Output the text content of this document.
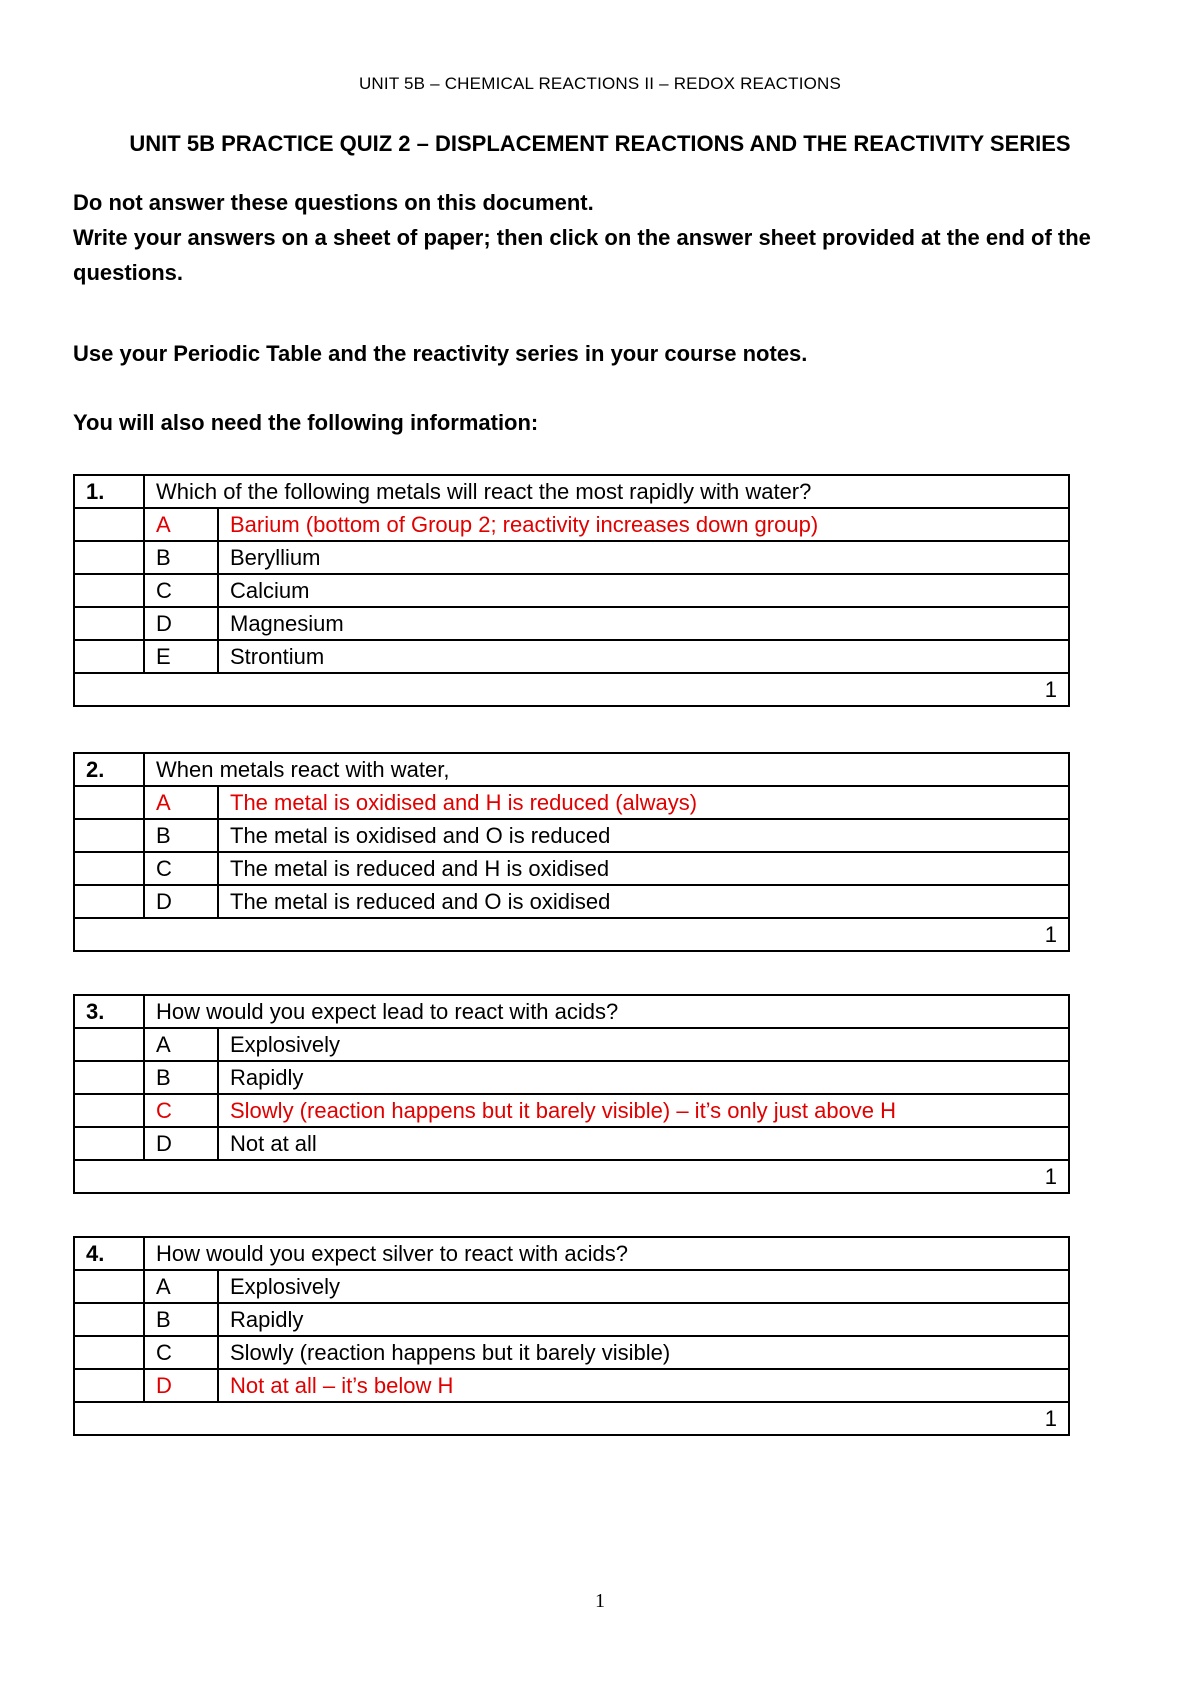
UNIT 5B – CHEMICAL REACTIONS II – REDOX REACTIONS
UNIT 5B PRACTICE QUIZ 2 – DISPLACEMENT REACTIONS AND THE REACTIVITY SERIES

Do not answer these questions on this document.

Write your answers on a sheet of paper; then click on the answer sheet provided at the end of the questions.

Use your Periodic Table and the reactivity series in your course notes.
You will also need the following information:
1.	Which of the following metals will react the most rapidly with water?	
	A	Barium (bottom of Group 2; reactivity increases down group)
	B	Beryllium
	C	Calcium
	D	Magnesium
	E	Strontium
1		
2.	When metals react with water,	
	A	The metal is oxidised and H is reduced (always)
	B	The metal is oxidised and O is reduced
	C	The metal is reduced and H is oxidised
	D	The metal is reduced and O is oxidised
1		
3.	How would you expect lead to react with acids?	
	A	Explosively
	B	Rapidly
	C	Slowly (reaction happens but it barely visible) – it’s only just above H
	D	Not at all
1		
4.	How would you expect silver to react with acids?	
	A	Explosively
	B	Rapidly
	C	Slowly (reaction happens but it barely visible)
	D	Not at all – it’s below H
1		
1
